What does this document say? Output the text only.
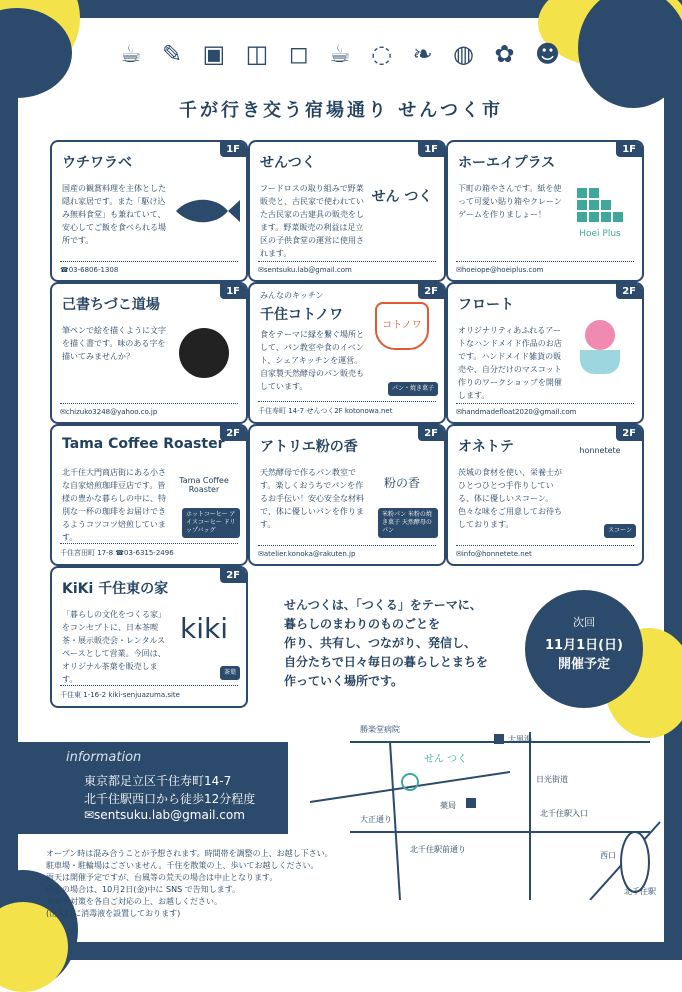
☕ ✎ ▣ ◫ ◻ ☕ ◌ ❧ ◍ ✿ ☻
千が行き交う宿場通り せんつく市
1F
ウチワラベ
国産の観賞料理を主体とした隠れ家居です。また「駆け込み無料食堂」も兼ねていて、安心してご飯を食べられる場所です。
☎03-6806-1308
1F
せんつく
フードロスの取り組みで野菜販売と、古民家で使われていた古民家の古建具の販売をします。野菜販売の利益は足立区の子供食堂の運営に使用されます。
せん つく
✉sentsuku.lab@gmail.com
1F
ホーエイプラス
下町の箱やさんです。紙を使って可愛い貼り箱やクレーンゲームを作りましょー！
Hoei Plus
✉hoeiope@hoeiplus.com
1F
己書ちづこ道場
筆ペンで絵を描くように文字を描く書です。味のある字を描いてみませんか？
✉chizuko3248@yahoo.co.jp
2F
みんなのキッチン
千住コトノワ
食をテーマに縁を繋ぐ場所として、パン教室や食のイベント、シェアキッチンを運営。自家製天然酵母のパン販売もしています。
コトノワ
パン・焼き菓子
千住寿町 14-7 せんつく2F kotonowa.net
2F
フロート
オリジナリティあふれるアートなハンドメイド作品のお店です。ハンドメイド雑貨の販売や、自分だけのマスコット作りのワークショップを開催します。
✉handmadefloat2020@gmail.com
2F
Tama Coffee Roaster
北千住大門商店街にある小さな自家焙煎珈琲豆店です。皆様の豊かな暮らしの中に、特別な一杯の珈琲をお届けできるようコツコツ焙煎しています。
Tama Coffee Roaster
ホットコーヒー アイスコーヒー ドリップバッグ
千住宮田町 17-8 ☎03-6315-2496
2F
アトリエ粉の香
天然酵母で作るパン教室です。楽しくおうちでパンを作るお手伝い！安心安全な材料で、体に優しいパンを作ります。
粉の香
米粉パン 米粉の焼き菓子 天然酵母のパン
✉atelier.konoka@rakuten.jp
2F
オネトテ
茨城の食材を使い、栄養士がひとつひとつ手作りしている、体に優しいスコーン。色々な味をご用意してお待ちしております。
honnetete
スコーン
✉info@honnetete.net
2F
KiKi 千住東の家
「暮らしの文化をつくる家」をコンセプトに、日本茶喫茶・展示販売会・レンタルスペースとして営業。今回は、オリジナル茶葉を販売します。
kiki
茶葉
千住東 1-16-2 kiki-senjuazuma.site
せんつくは、「つくる」をテーマに、
暮らしのまわりのものごとを
作り、共有し、つながり、発信し、
自分たちで日々毎日の暮らしとまちを
作っていく場所です。
次回
11月1日(日)
開催予定
information
東京都足立区千住寿町14-7
北千住駅西口から徒歩12分程度
✉sentsuku.lab@gmail.com
勝楽堂病院
大黒湯
せん つく
薬局
日光街道
大正通り
北千住駅入口
北千住駅前通り
西口
北千住駅
オープン時は混み合うことが予想されます。時間帯を調整の上、お越し下さい。
駐車場・駐輪場はございません。千住を散策の上、歩いてお越しください。
雨天は開催予定ですが、台風等の荒天の場合は中止となります。
中止の場合は、10月2日(金)中に SNS で告知します。
コロナ対策を各自ご対応の上、お越しください。
(出入口に消毒液を設置しております)
